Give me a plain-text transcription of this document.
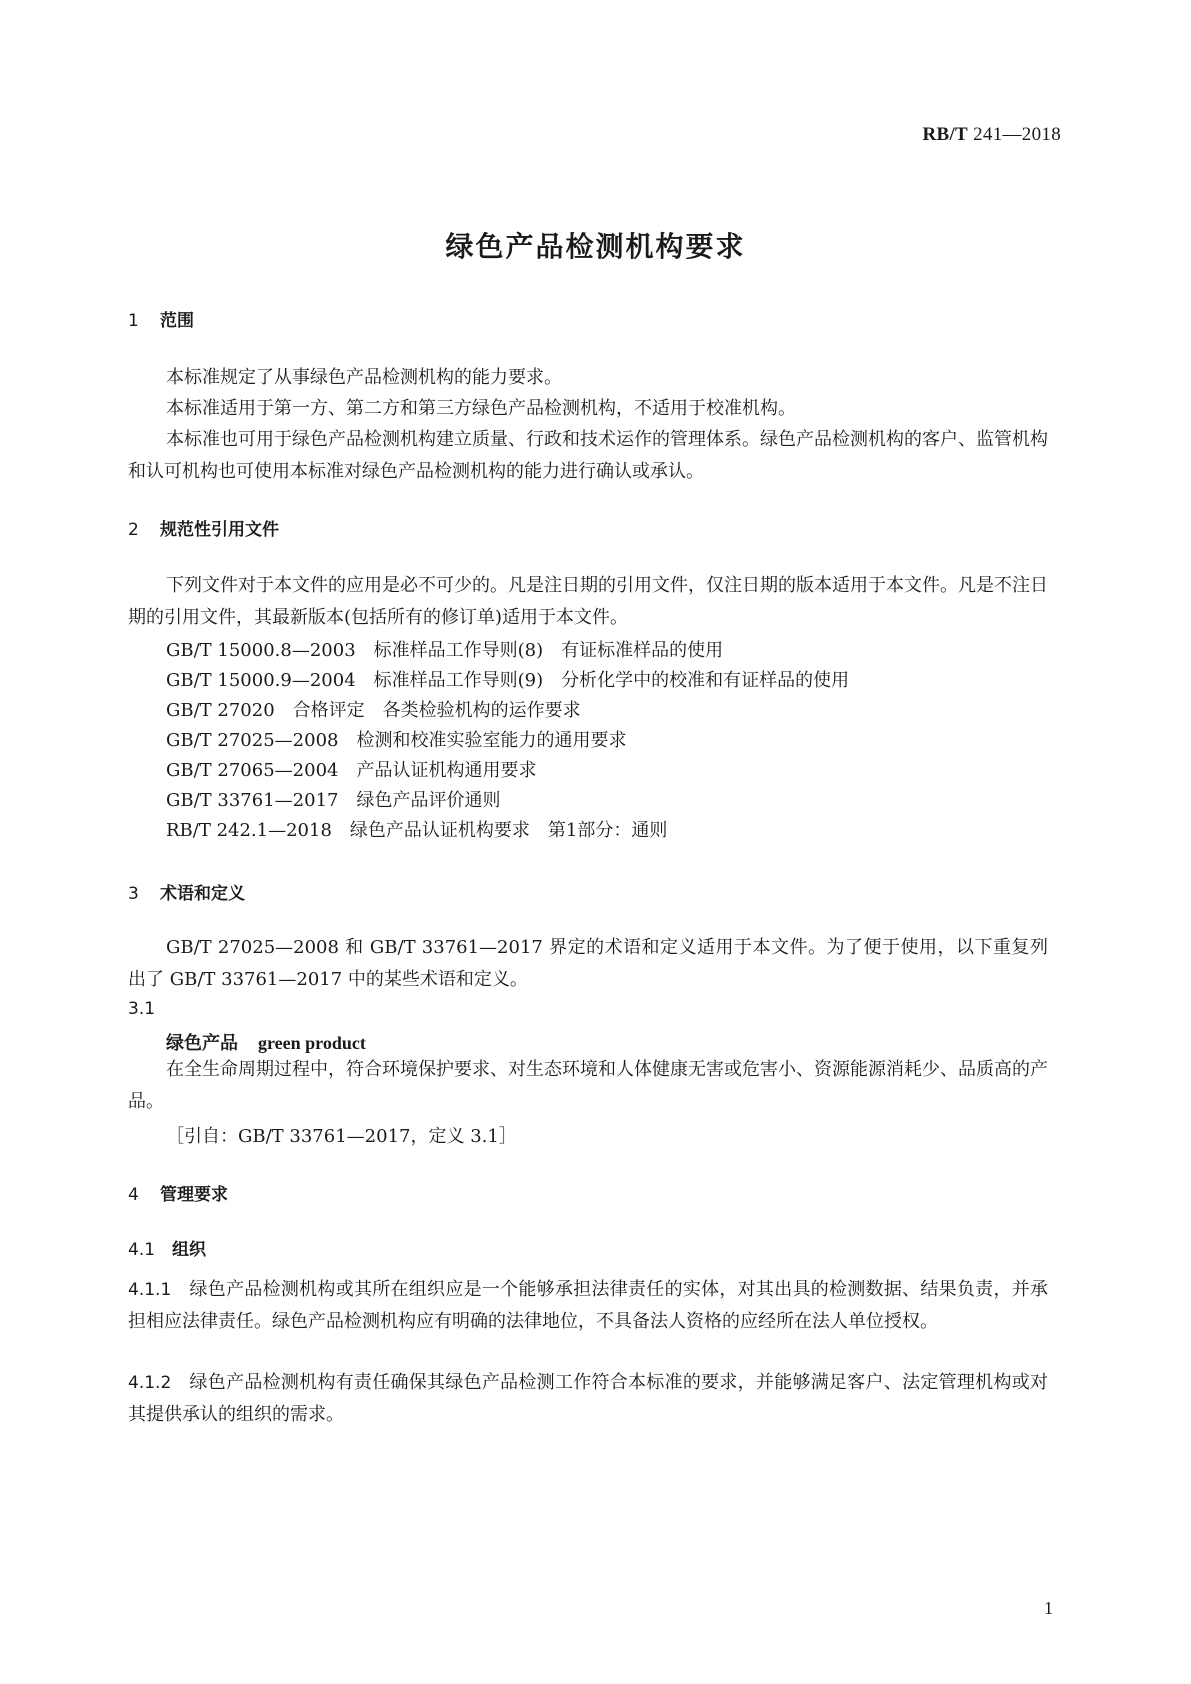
RB/T 241—2018
绿色产品检测机构要求
1 范围

本标准规定了从事绿色产品检测机构的能力要求。

本标准适用于第一方、第二方和第三方绿色产品检测机构，不适用于校准机构。

本标准也可用于绿色产品检测机构建立质量、行政和技术运作的管理体系。绿色产品检测机构的客户、监管机构和认可机构也可使用本标准对绿色产品检测机构的能力进行确认或承认。

2 规范性引用文件

下列文件对于本文件的应用是必不可少的。凡是注日期的引用文件，仅注日期的版本适用于本文件。凡是不注日期的引用文件，其最新版本(包括所有的修订单)适用于本文件。

GB/T 15000.8—2003 标准样品工作导则(8)　有证标准样品的使用
GB/T 15000.9—2004 标准样品工作导则(9)　分析化学中的校准和有证样品的使用
GB/T 27020 合格评定　各类检验机构的运作要求
GB/T 27025—2008 检测和校准实验室能力的通用要求
GB/T 27065—2004 产品认证机构通用要求
GB/T 33761—2017 绿色产品评价通则
RB/T 242.1—2018 绿色产品认证机构要求　第1部分：通则
3 术语和定义

GB/T 27025—2008 和 GB/T 33761—2017 界定的术语和定义适用于本文件。为了便于使用，以下重复列出了 GB/T 33761—2017 中的某些术语和定义。

3.1
绿色产品 green product

在全生命周期过程中，符合环境保护要求、对生态环境和人体健康无害或危害小、资源能源消耗少、品质高的产品。

［引自：GB/T 33761—2017，定义 3.1］
4 管理要求
4.1 组织

4.1.1 绿色产品检测机构或其所在组织应是一个能够承担法律责任的实体，对其出具的检测数据、结果负责，并承担相应法律责任。绿色产品检测机构应有明确的法律地位，不具备法人资格的应经所在法人单位授权。

4.1.2 绿色产品检测机构有责任确保其绿色产品检测工作符合本标准的要求，并能够满足客户、法定管理机构或对其提供承认的组织的需求。

1
